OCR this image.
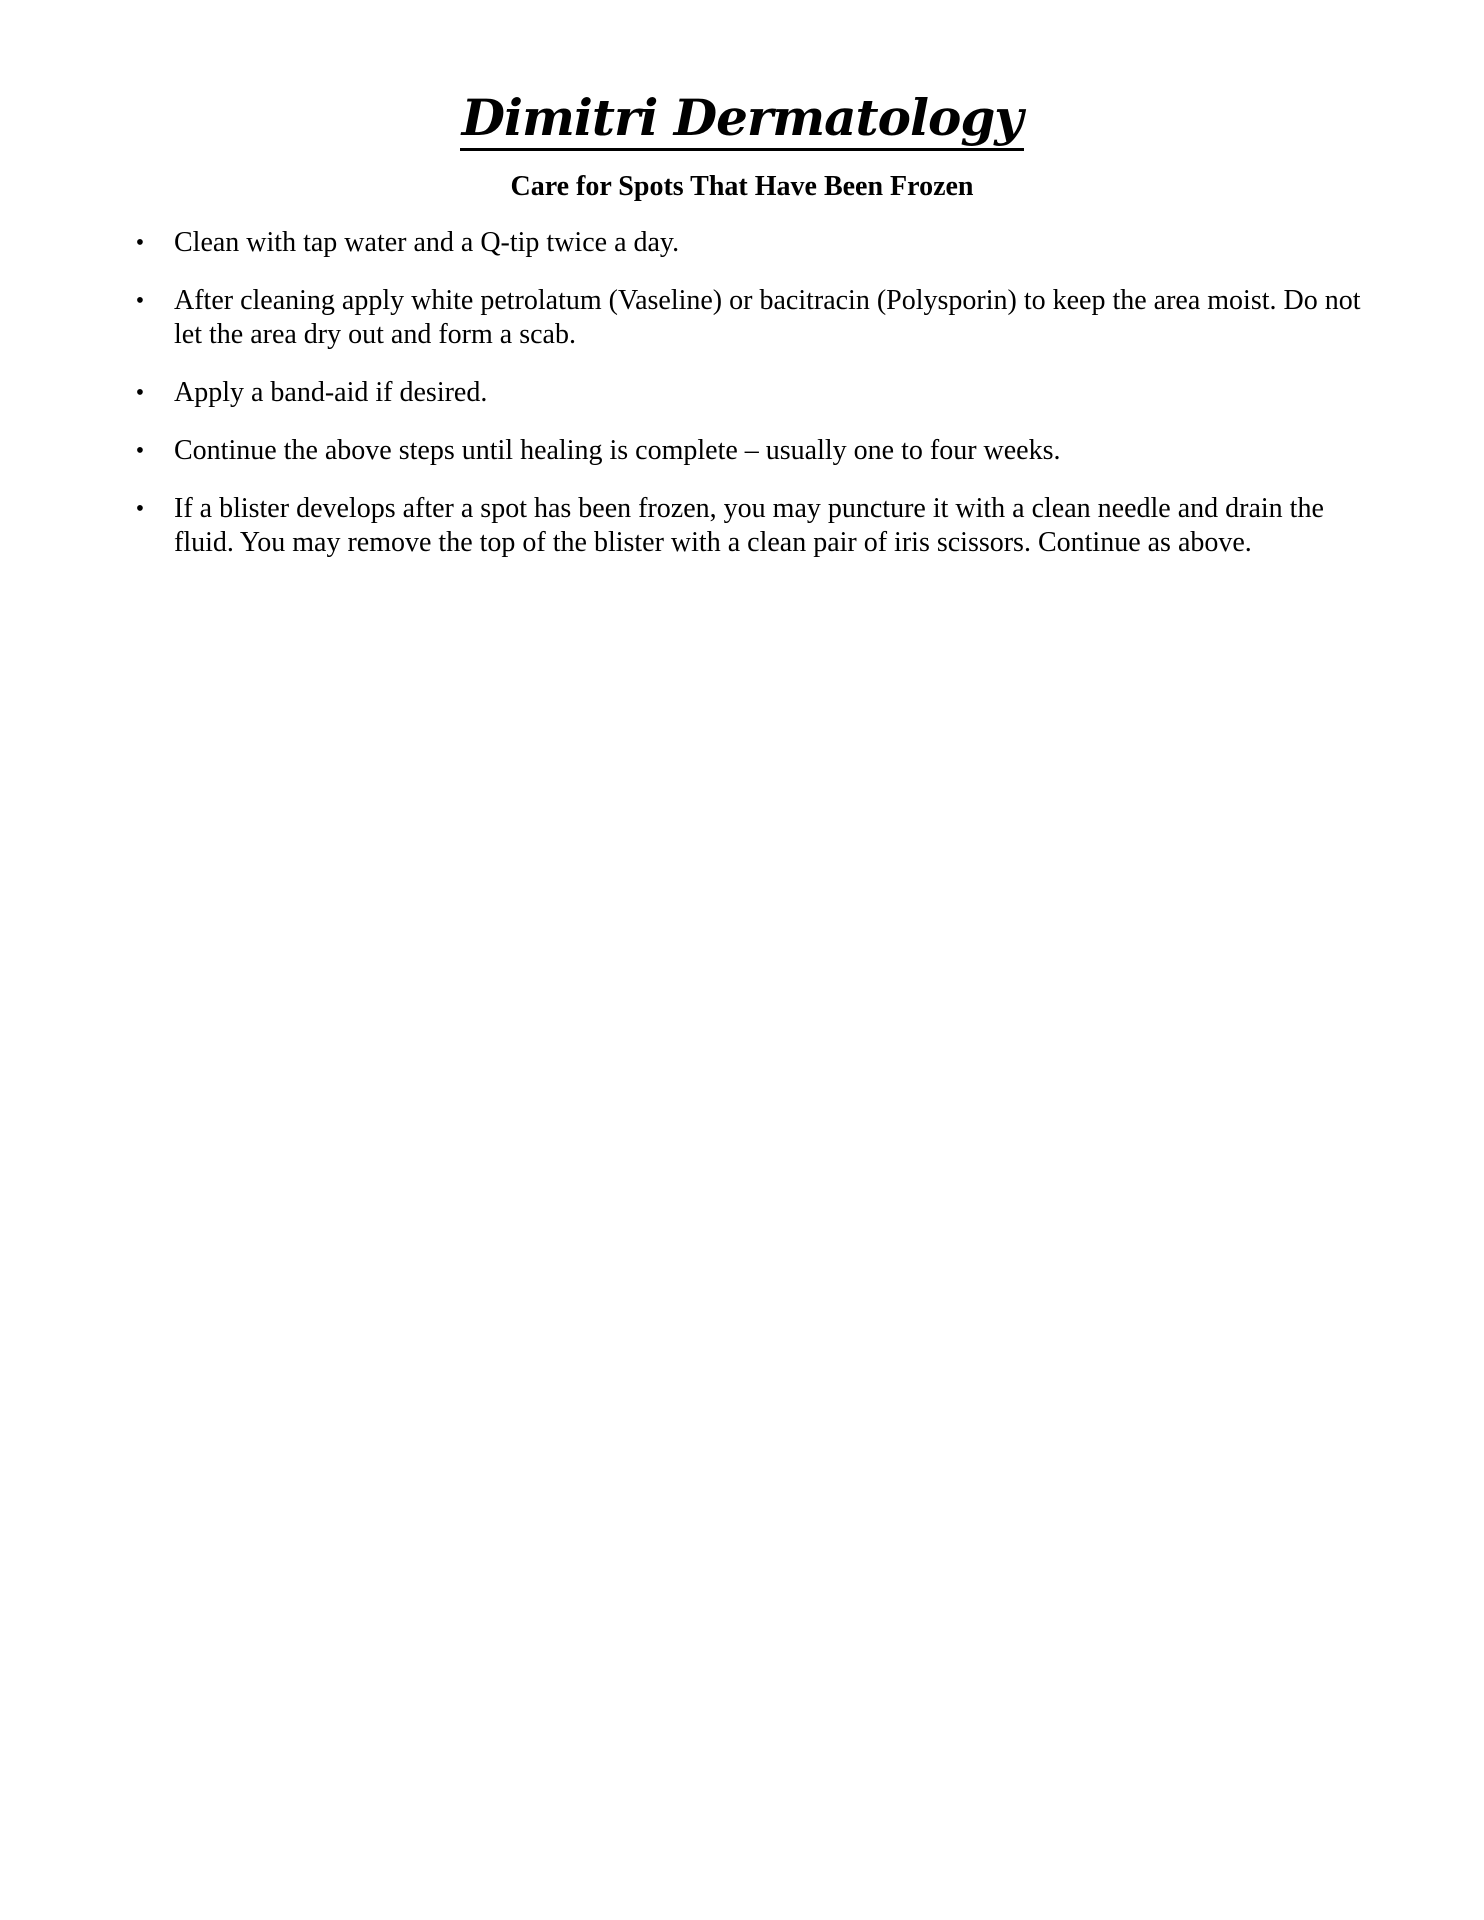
Dimitri Dermatology
Care for Spots That Have Been Frozen
• Clean with tap water and a Q-tip twice a day.
• After cleaning apply white petrolatum (Vaseline) or bacitracin (Polysporin) to keep the area moist. Do not let the area dry out and form a scab.
• Apply a band-aid if desired.
• Continue the above steps until healing is complete – usually one to four weeks.
• If a blister develops after a spot has been frozen, you may puncture it with a clean needle and drain the fluid. You may remove the top of the blister with a clean pair of iris scissors. Continue as above.
